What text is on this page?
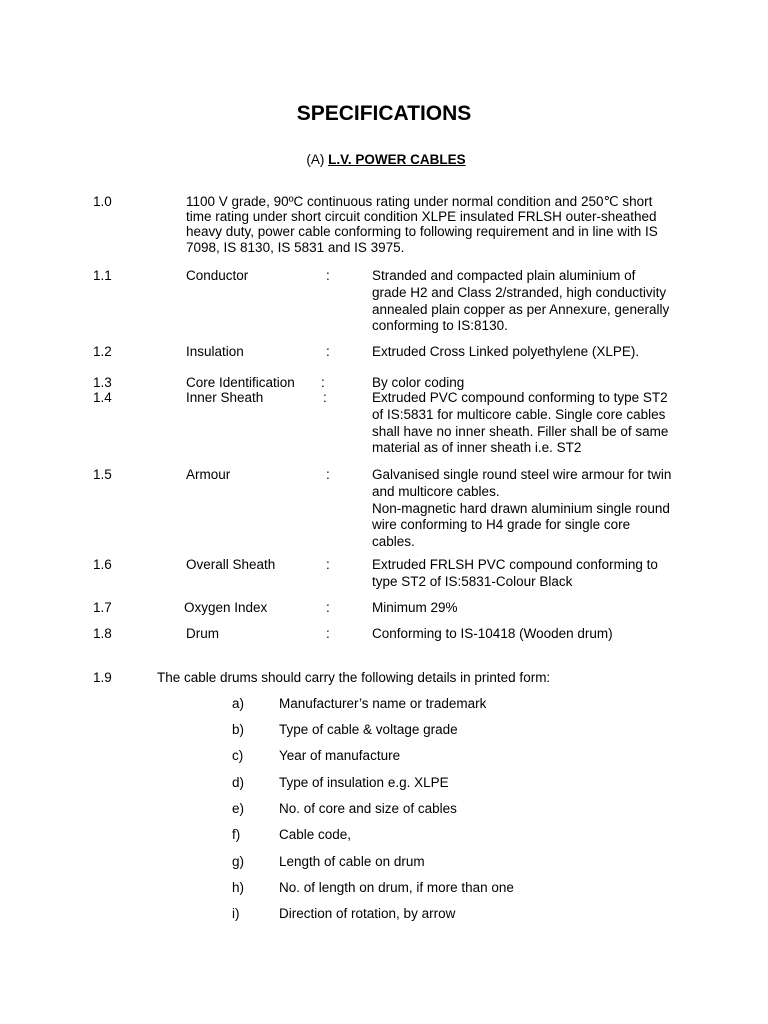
SPECIFICATIONS
(A) L.V. POWER CABLES
1.0	1100 V grade, 90ºC continuous rating under normal condition and 250℃ short
time rating under short circuit condition XLPE insulated FRLSH outer-sheathed
heavy duty, power cable conforming to following requirement and in line with IS
7098, IS 8130, IS 5831 and IS 3975.
1.1	Conductor	:	Stranded and compacted plain aluminium of
grade H2 and Class 2/stranded, high conductivity
annealed plain copper as per Annexure, generally
conforming to IS:8130.
1.2	Insulation	:	Extruded Cross Linked polyethylene (XLPE).
1.3	Core Identification :	By color coding
1.4	Inner Sheath	:	Extruded PVC compound conforming to type ST2
of IS:5831 for multicore cable. Single core cables
shall have no inner sheath. Filler shall be of same
material as of inner sheath i.e. ST2
1.5	Armour	:	Galvanised single round steel wire armour for twin
and multicore cables.
Non-magnetic hard drawn aluminium single round
wire conforming to H4 grade for single core
cables.
1.6	Overall Sheath	:	Extruded FRLSH PVC compound conforming to
type ST2 of IS:5831-Colour Black
1.7	Oxygen Index	:	Minimum 29%
1.8	Drum	:	Conforming to IS-10418 (Wooden drum)
1.9	The cable drums should carry the following details in printed form:
a)	Manufacturer’s name or trademark
b)	Type of cable & voltage grade
c)	Year of manufacture
d)	Type of insulation e.g. XLPE
e)	No. of core and size of cables
f)	Cable code,
g)	Length of cable on drum
h)	No. of length on drum, if more than one
i)	Direction of rotation, by arrow
